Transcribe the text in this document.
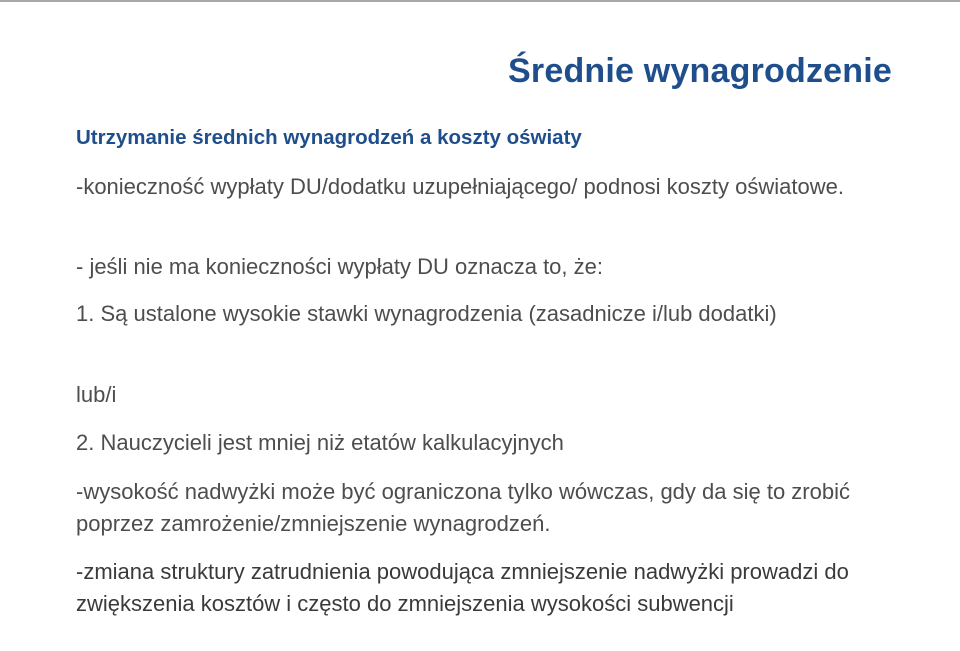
Średnie wynagrodzenie

Utrzymanie średnich wynagrodzeń a koszty oświaty

-konieczność wypłaty DU/dodatku uzupełniającego/ podnosi koszty oświatowe.

- jeśli nie ma konieczności wypłaty DU oznacza to, że:

1. Są ustalone wysokie stawki wynagrodzenia (zasadnicze i/lub dodatki)

lub/i

2. Nauczycieli jest mniej niż etatów kalkulacyjnych

-wysokość nadwyżki może być ograniczona tylko wówczas, gdy da się to zrobić poprzez zamrożenie/zmniejszenie wynagrodzeń.

-zmiana struktury zatrudnienia powodująca zmniejszenie nadwyżki prowadzi do zwiększenia kosztów i często do zmniejszenia wysokości subwencji
